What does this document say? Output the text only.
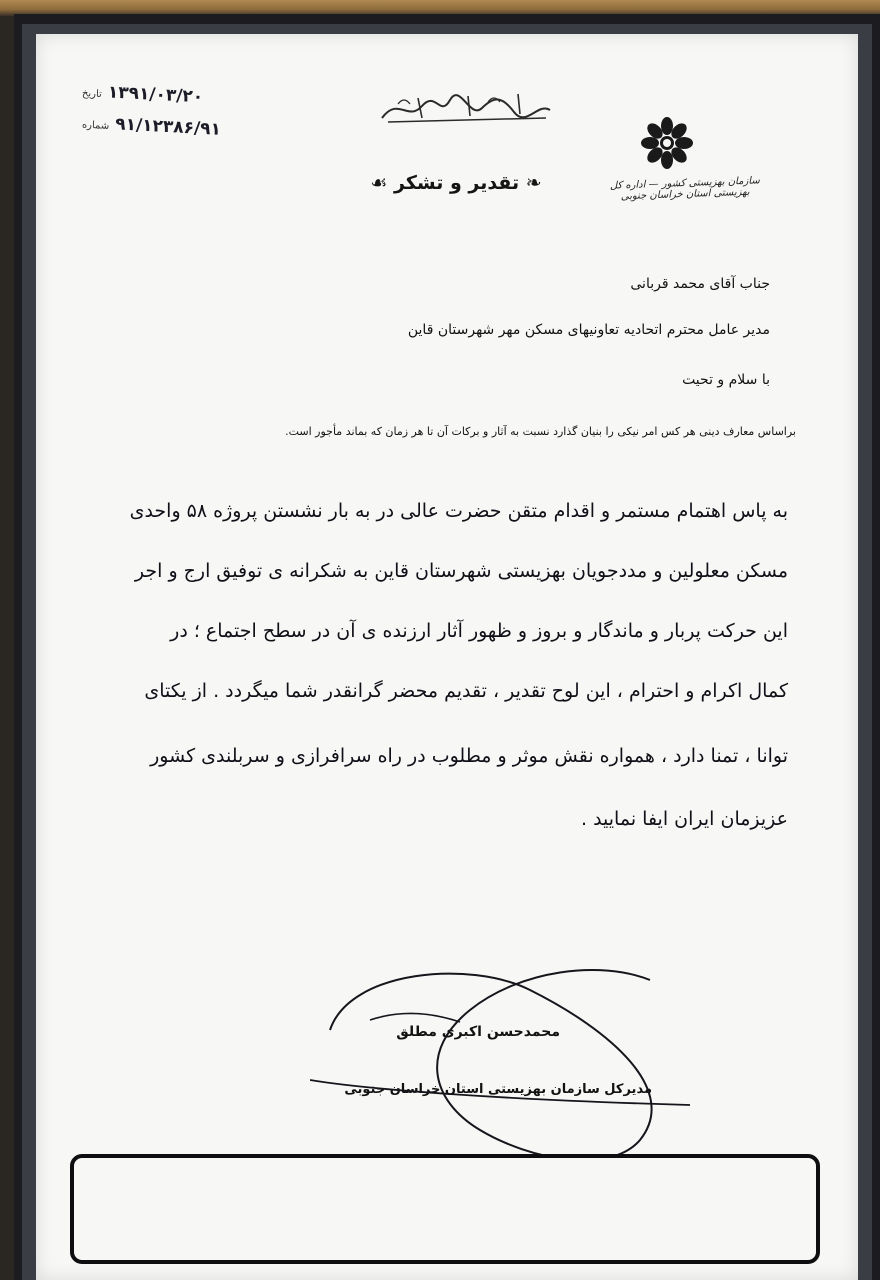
۱۳۹۱/۰۳/۲۰ تاریخ
۹۱/۱۲۳۸۶/۹۱ شماره
❧ تقدیر و تشکر ☙	سازمان بهزیستی کشور — اداره کل بهزیستی استان خراسان جنوبی
جناب آقای محمد قربانی
مدیر عامل محترم اتحادیه تعاونیهای مسکن مهر شهرستان قاین
با سلام و تحیت
براساس معارف دینی هر کس امر نیکی را بنیان گذارد نسبت به آثار و برکات آن تا هر زمان که بماند مأجور است.
به پاس اهتمام مستمر و اقدام متقن حضرت عالی در به بار نشستن پروژه ۵۸ واحدی
مسکن معلولین و مددجویان بهزیستی شهرستان قاین به شکرانه ی توفیق ارج و اجر
این حرکت پربار و ماندگار و بروز و ظهور آثار ارزنده ی آن در سطح اجتماع ؛ در
کمال اکرام و احترام ، این لوح تقدیر ، تقدیم محضر گرانقدر شما میگردد . از یکتای
توانا ، تمنا دارد ، همواره نقش موثر و مطلوب در راه سرافرازی و سربلندی کشور
عزیزمان ایران ایفا نمایید .
محمدحسن اکبری مطلق
مدیرکل سازمان بهزیستی استان خراسان جنوبی
